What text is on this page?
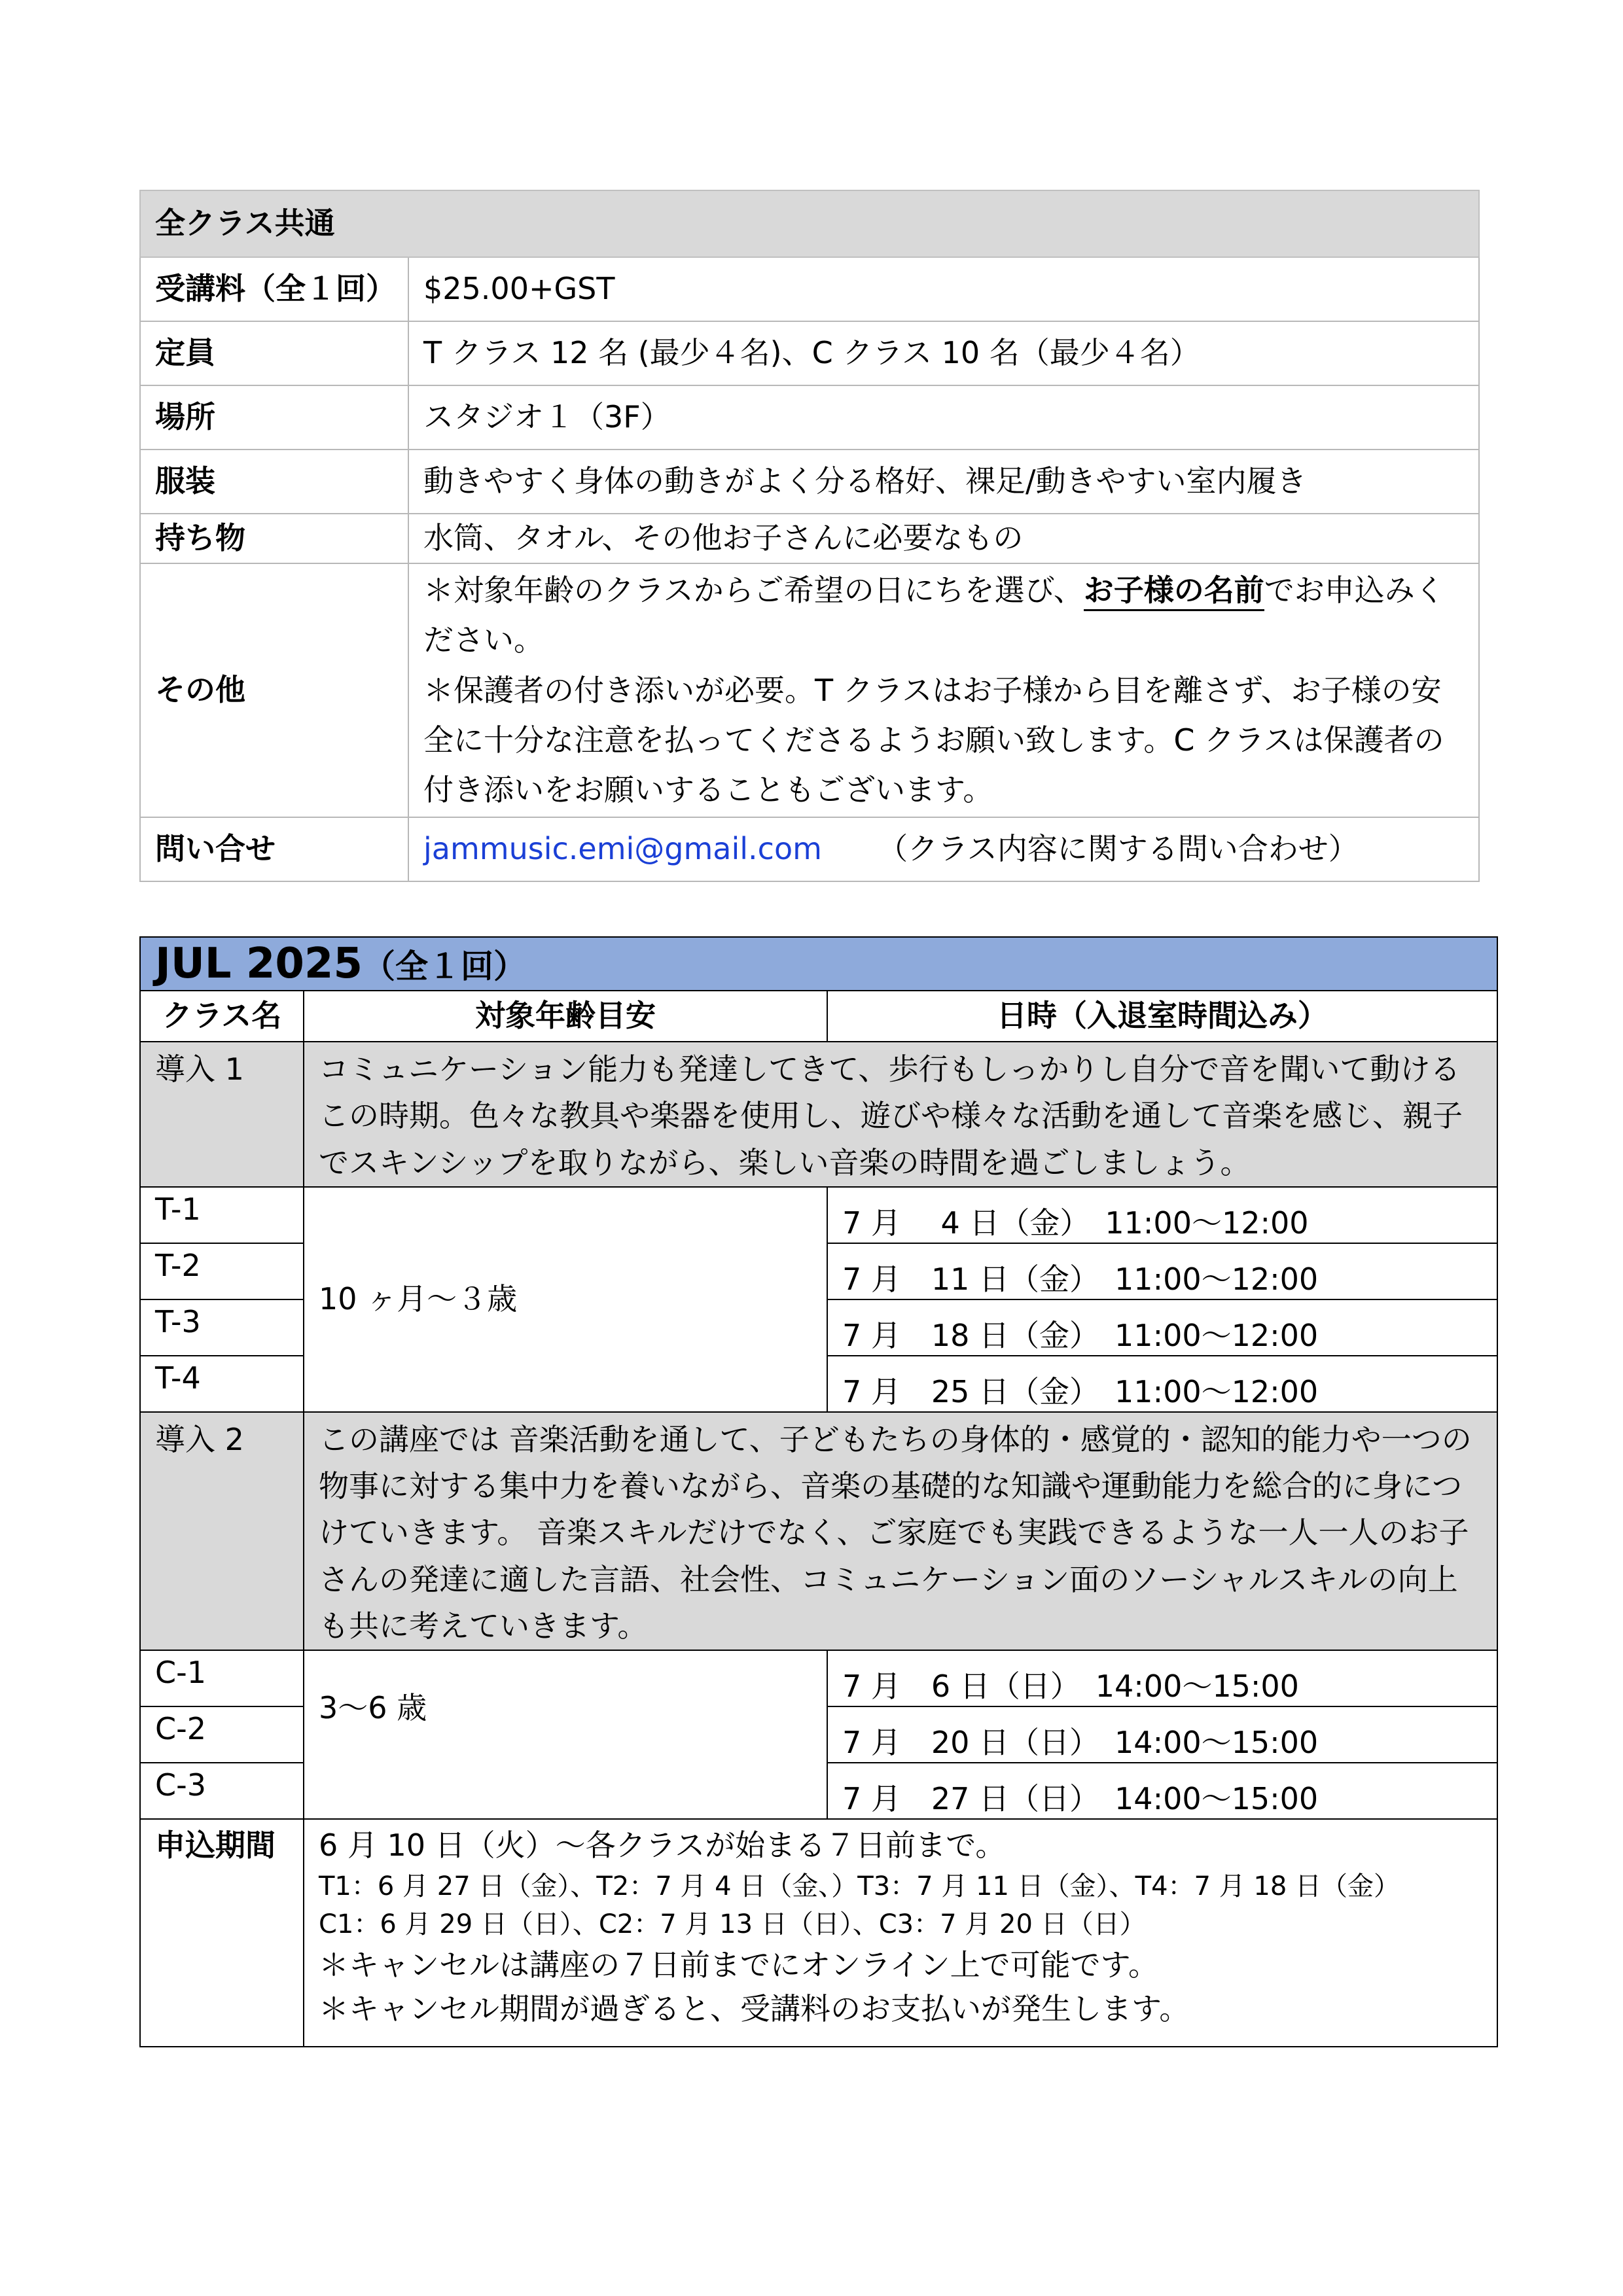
全クラス共通	
受講料（全１回）	$25.00+GST
定員	T クラス 12 名 (最少４名)、C クラス 10 名（最少４名）
場所	スタジオ１（3F）
服装	動きやすく身体の動きがよく分る格好、裸足/動きやすい室内履き
持ち物	水筒、タオル、その他お子さんに必要なもの
その他	＊対象年齢のクラスからご希望の日にちを選び、お子様の名前でお申込みください。
＊保護者の付き添いが必要。T クラスはお子様から目を離さず、お子様の安全に十分な注意を払ってくださるようお願い致します。C クラスは保護者の付き添いをお願いすることもございます。
問い合せ	jammusic.emi@gmail.com （クラス内容に関する問い合わせ）
JUL 2025（全１回）		
クラス名	対象年齢目安	日時（入退室時間込み）
導入 1	コミュニケーション能力も発達してきて、歩行もしっかりし自分で音を聞いて動けるこの時期。色々な教具や楽器を使用し、遊びや様々な活動を通して音楽を感じ、親子でスキンシップを取りながら、楽しい音楽の時間を過ごしましょう。	
T-1	10 ヶ月～３歳	7 月　 4 日（金）　11:00～12:00
T-2		7 月　11 日（金）　11:00～12:00
T-3		7 月　18 日（金）　11:00～12:00
T-4		7 月　25 日（金）　11:00～12:00
導入 2	この講座では 音楽活動を通して、子どもたちの身体的・感覚的・認知的能力や一つの物事に対する集中力を養いながら、音楽の基礎的な知識や運動能力を総合的に身につけていきます。 音楽スキルだけでなく、ご家庭でも実践できるような一人一人のお子さんの発達に適した言語、社会性、コミュニケーション面のソーシャルスキルの向上も共に考えていきます。	
C-1	3～6 歳	7 月　6 日（日）　14:00～15:00
C-2		7 月　20 日（日）　14:00～15:00
C-3		7 月　27 日（日）　14:00～15:00
申込期間	6 月 10 日（火）～各クラスが始まる７日前まで。
T1：6 月 27 日（金）、T2：7 月 4 日（金、）T3：7 月 11 日（金）、T4：7 月 18 日（金）
C1：6 月 29 日（日）、C2：7 月 13 日（日）、C3：7 月 20 日（日）
＊キャンセルは講座の７日前までにオンライン上で可能です。
＊キャンセル期間が過ぎると、受講料のお支払いが発生します。	
